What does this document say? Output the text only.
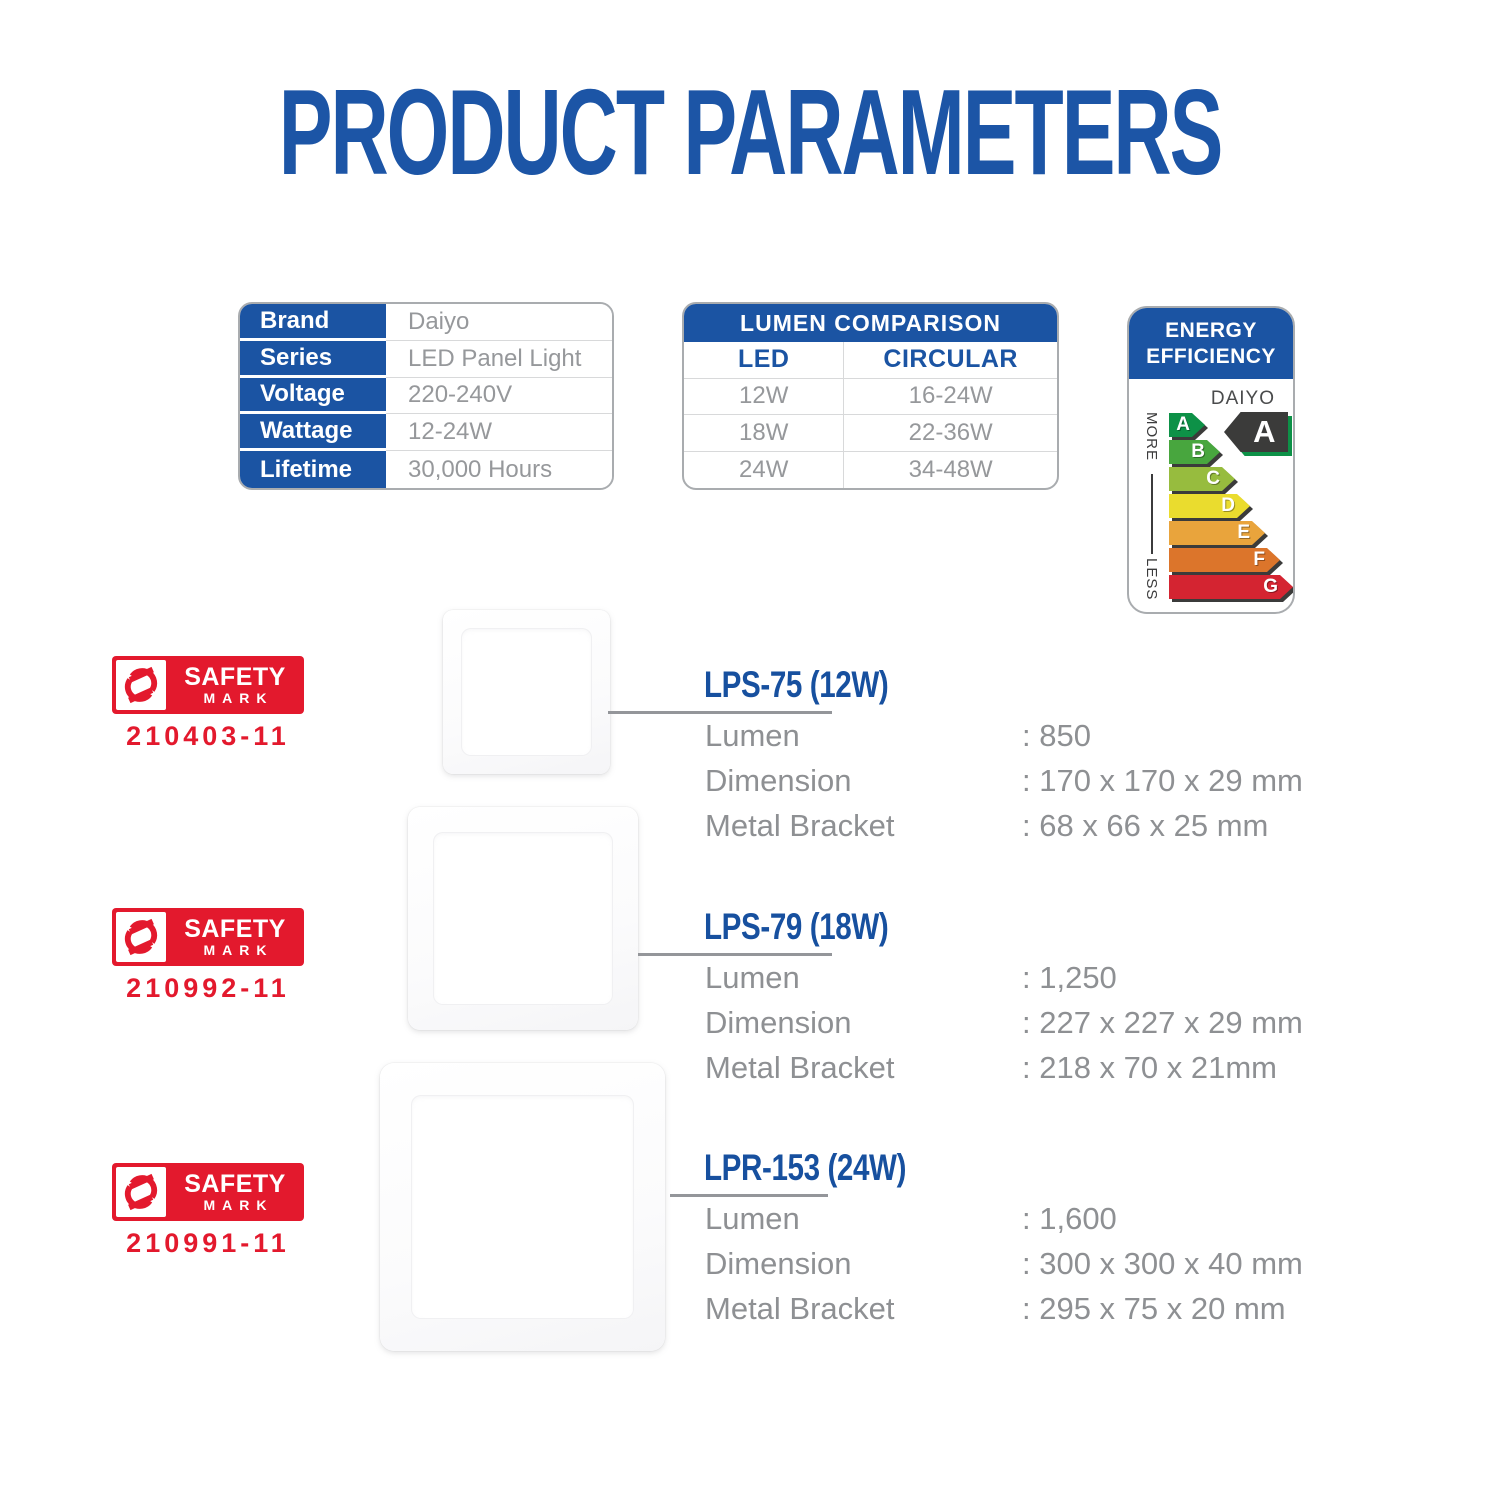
PRODUCT PARAMETERS
Brand	Daiyo
Series	LED Panel Light
Voltage	220-240V
Wattage	12-24W
Lifetime	30,000 Hours
LUMEN COMPARISON
LED	CIRCULAR
12W	16-24W
18W	22-36W
24W	34-48W
ENERGY
EFFICIENCY
DAIYO
MORE
LESS
A
B
C
D
E
F
G
A
SAFETY
MARK
210403-11
SAFETY
MARK
210992-11
SAFETY
MARK
210991-11
LPS-75 (12W)
Lumen	: 850
Dimension	: 170 x 170 x 29 mm
Metal Bracket	: 68 x 66 x 25 mm
LPS-79 (18W)
Lumen	: 1,250
Dimension	: 227 x 227 x 29 mm
Metal Bracket	: 218 x 70 x 21mm
LPR-153 (24W)
Lumen	: 1,600
Dimension	: 300 x 300 x 40 mm
Metal Bracket	: 295 x 75 x 20 mm
